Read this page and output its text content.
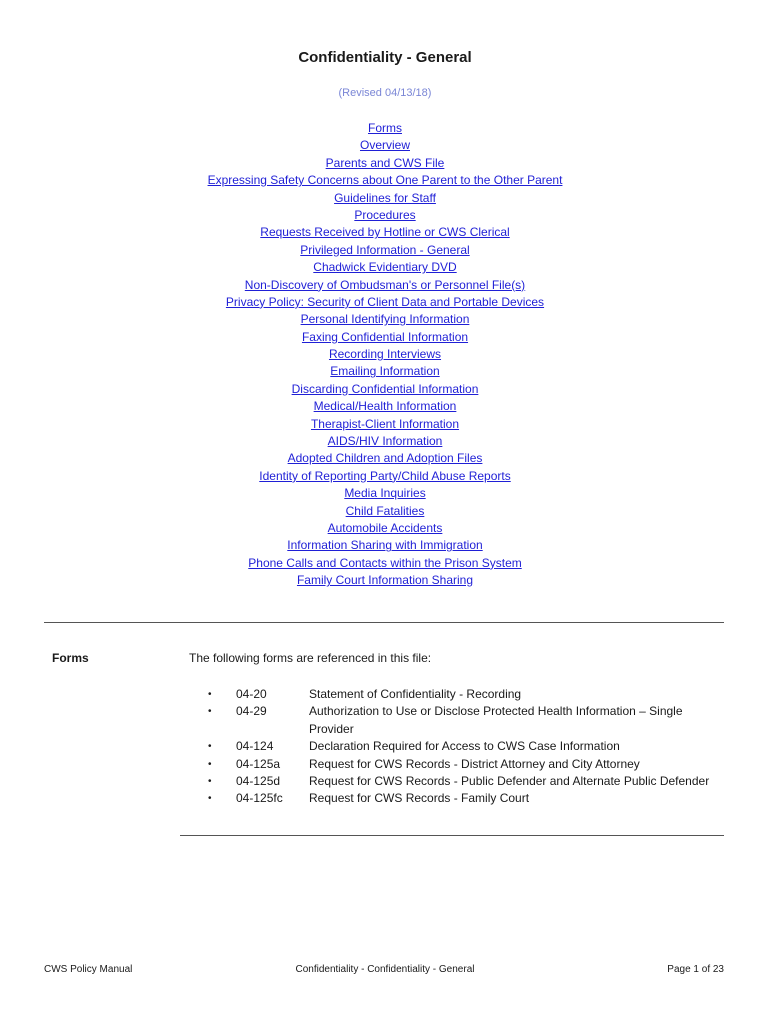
Confidentiality - General
(Revised 04/13/18)
Forms
Overview
Parents and CWS File
Expressing Safety Concerns about One Parent to the Other Parent
Guidelines for Staff
Procedures
Requests Received by Hotline or CWS Clerical
Privileged Information - General
Chadwick Evidentiary DVD
Non-Discovery of Ombudsman's or Personnel File(s)
Privacy Policy: Security of Client Data and Portable Devices
Personal Identifying Information
Faxing Confidential Information
Recording Interviews
Emailing Information
Discarding Confidential Information
Medical/Health Information
Therapist-Client Information
AIDS/HIV Information
Adopted Children and Adoption Files
Identity of Reporting Party/Child Abuse Reports
Media Inquiries
Child Fatalities
Automobile Accidents
Information Sharing with Immigration
Phone Calls and Contacts within the Prison System
Family Court Information Sharing
Forms	The following forms are referenced in this file:
• 04-20	Statement of Confidentiality - Recording
• 04-29	Authorization to Use or Disclose Protected Health Information – Single Provider
• 04-124	Declaration Required for Access to CWS Case Information
• 04-125a Request for CWS Records - District Attorney and City Attorney
• 04-125d Request for CWS Records - Public Defender and Alternate Public Defender
• 04-125fc Request for CWS Records - Family Court
CWS Policy Manual	Confidentiality - Confidentiality - General	Page 1 of 23
